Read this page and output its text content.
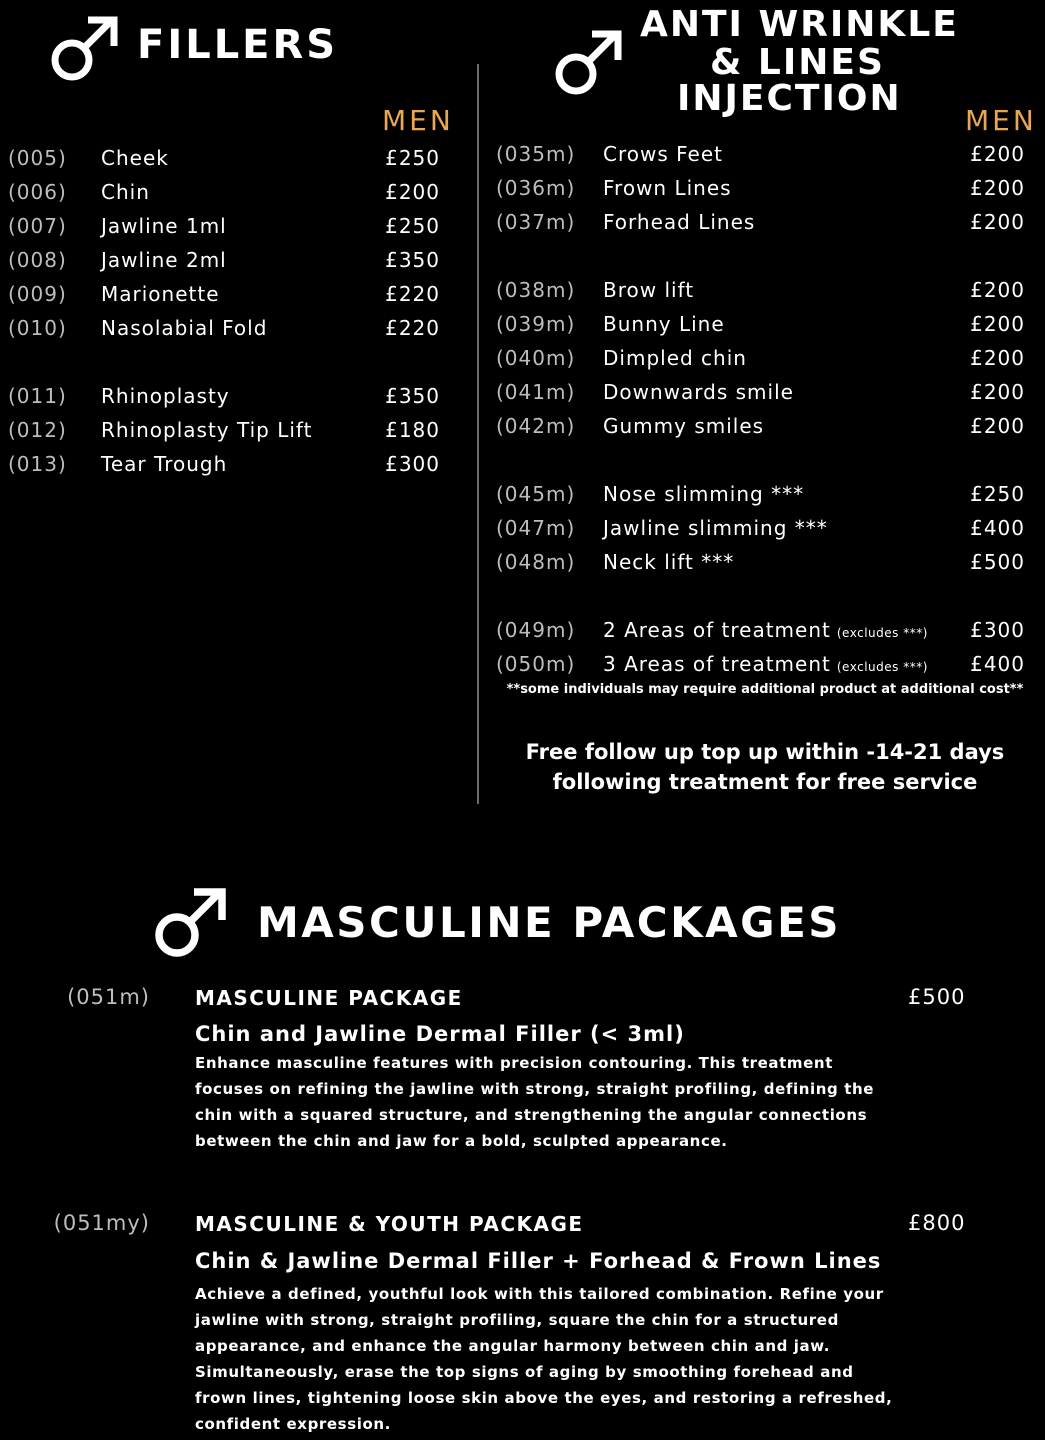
FILLERS
MEN
(005) Cheek	£250
(006) Chin	£200
(007) Jawline 1ml	£250
(008) Jawline 2ml	£350
(009) Marionette	£220
(010) Nasolabial Fold	£220
(011) Rhinoplasty	£350
(012) Rhinoplasty Tip Lift	£180
(013) Tear Trough	£300
ANTI WRINKLE
& LINES
INJECTION
MEN
(035m) Crows Feet	£200
(036m) Frown Lines	£200
(037m) Forhead Lines	£200
(038m) Brow lift	£200
(039m) Bunny Line	£200
(040m) Dimpled chin	£200
(041m) Downwards smile	£200
(042m) Gummy smiles	£200
(045m) Nose slimming ***	£250
(047m) Jawline slimming ***	£400
(048m) Neck lift ***	£500
(049m) 2 Areas of treatment (excludes ***) £300
(050m) 3 Areas of treatment (excludes ***) £400
**some individuals may require additional product at additional cost**
Free follow up top up within -14-21 days
following treatment for free service
MASCULINE PACKAGES
(051m) MASCULINE PACKAGE	£500
Chin and Jawline Dermal Filler (< 3ml)
Enhance masculine features with precision contouring. This treatment focuses on refining the jawline with strong, straight profiling, defining the chin with a squared structure, and strengthening the angular connections between the chin and jaw for a bold, sculpted appearance.
(051my) MASCULINE & YOUTH PACKAGE	£800
Chin & Jawline Dermal Filler + Forhead & Frown Lines
Achieve a defined, youthful look with this tailored combination. Refine your jawline with strong, straight profiling, square the chin for a structured appearance, and enhance the angular harmony between chin and jaw. Simultaneously, erase the top signs of aging by smoothing forehead and frown lines, tightening loose skin above the eyes, and restoring a refreshed, confident expression.
